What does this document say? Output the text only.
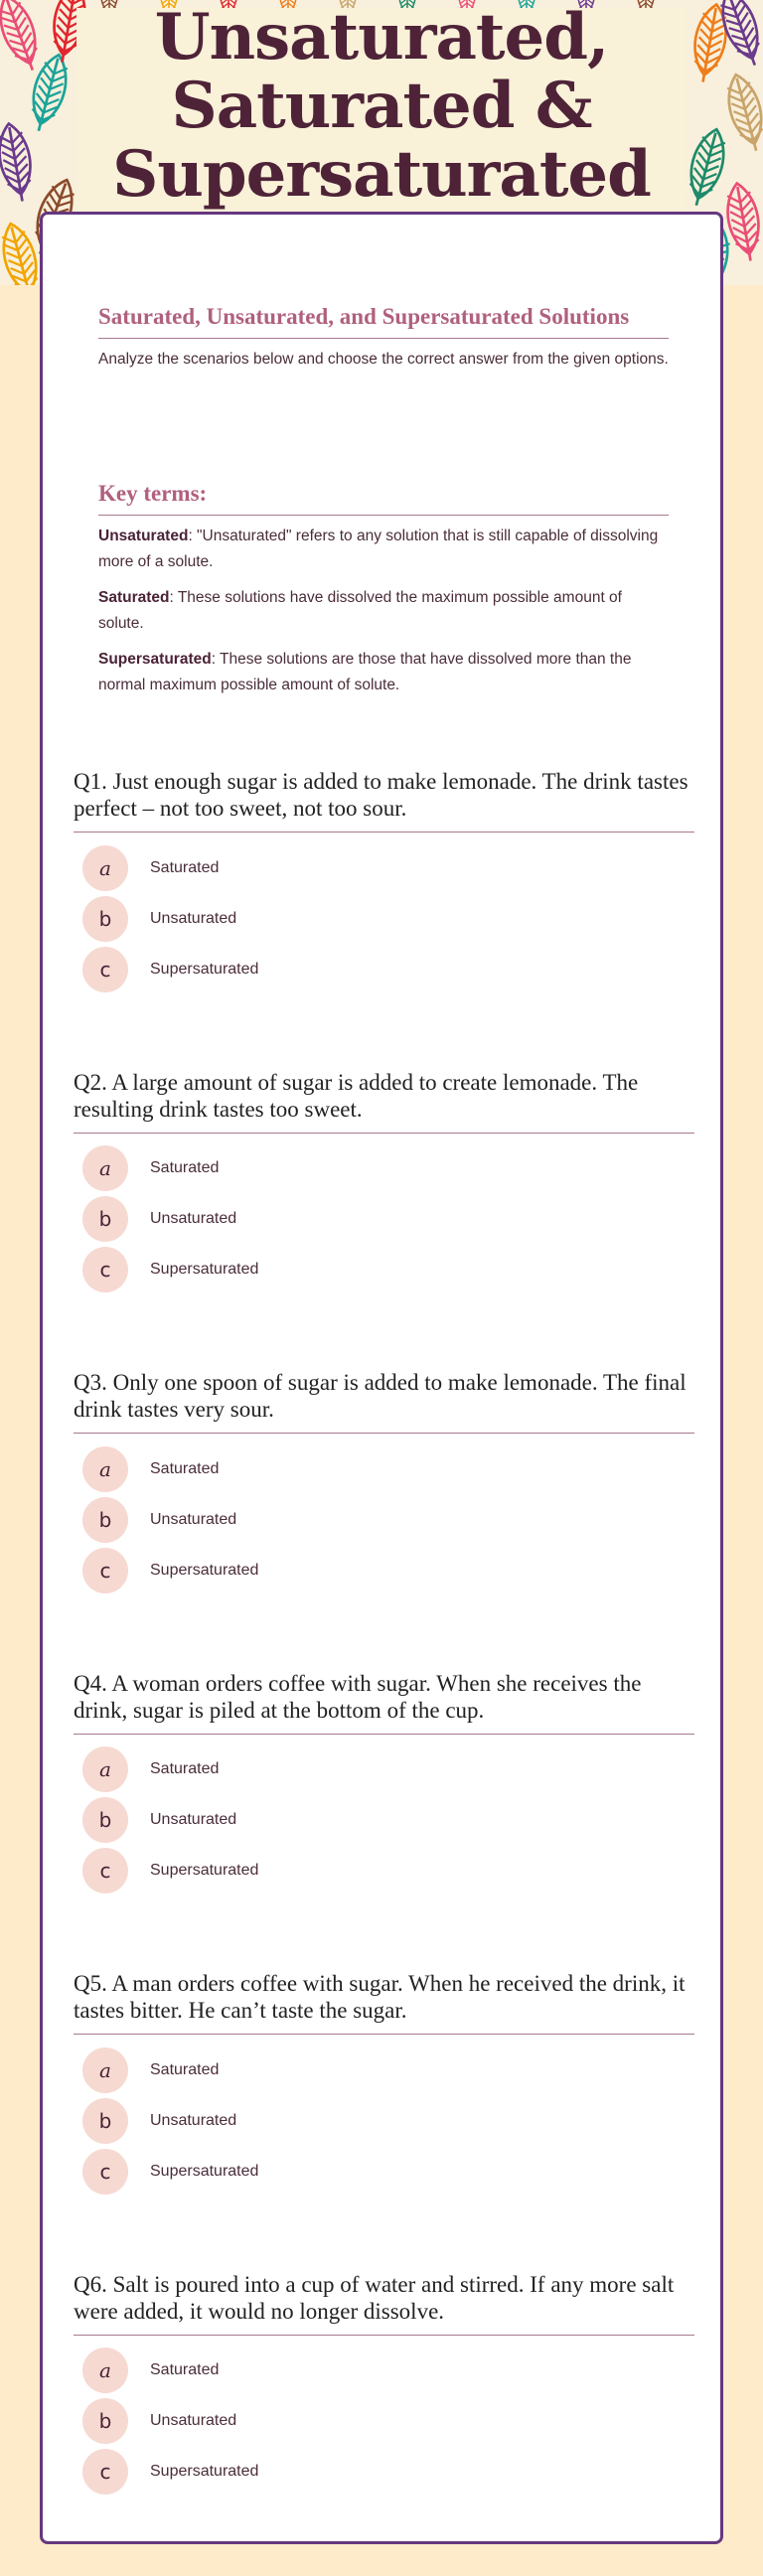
Unsaturated,
Saturated &
Supersaturated
Saturated, Unsaturated, and Supersaturated Solutions

Analyze the scenarios below and choose the correct answer from the given options.

Key terms:

Unsaturated: "Unsaturated" refers to any solution that is still capable of dissolving more of a solute.

Saturated: These solutions have dissolved the maximum possible amount of solute.

Supersaturated: These solutions are those that have dissolved more than the normal maximum possible amount of solute.

Q1. Just enough sugar is added to make lemonade. The drink tastes perfect – not too sweet, not too sour.

a	Saturated
b	Unsaturated
c	Supersaturated

Q2. A large amount of sugar is added to create lemonade. The resulting drink tastes too sweet.

a	Saturated
b	Unsaturated
c	Supersaturated

Q3. Only one spoon of sugar is added to make lemonade. The final drink tastes very sour.

a	Saturated
b	Unsaturated
c	Supersaturated

Q4. A woman orders coffee with sugar. When she receives the drink, sugar is piled at the bottom of the cup.

a	Saturated
b	Unsaturated
c	Supersaturated

Q5. A man orders coffee with sugar. When he received the drink, it tastes bitter. He can’t taste the sugar.

a	Saturated
b	Unsaturated
c	Supersaturated

Q6. Salt is poured into a cup of water and stirred. If any more salt were added, it would no longer dissolve.

a	Saturated
b	Unsaturated
c	Supersaturated
